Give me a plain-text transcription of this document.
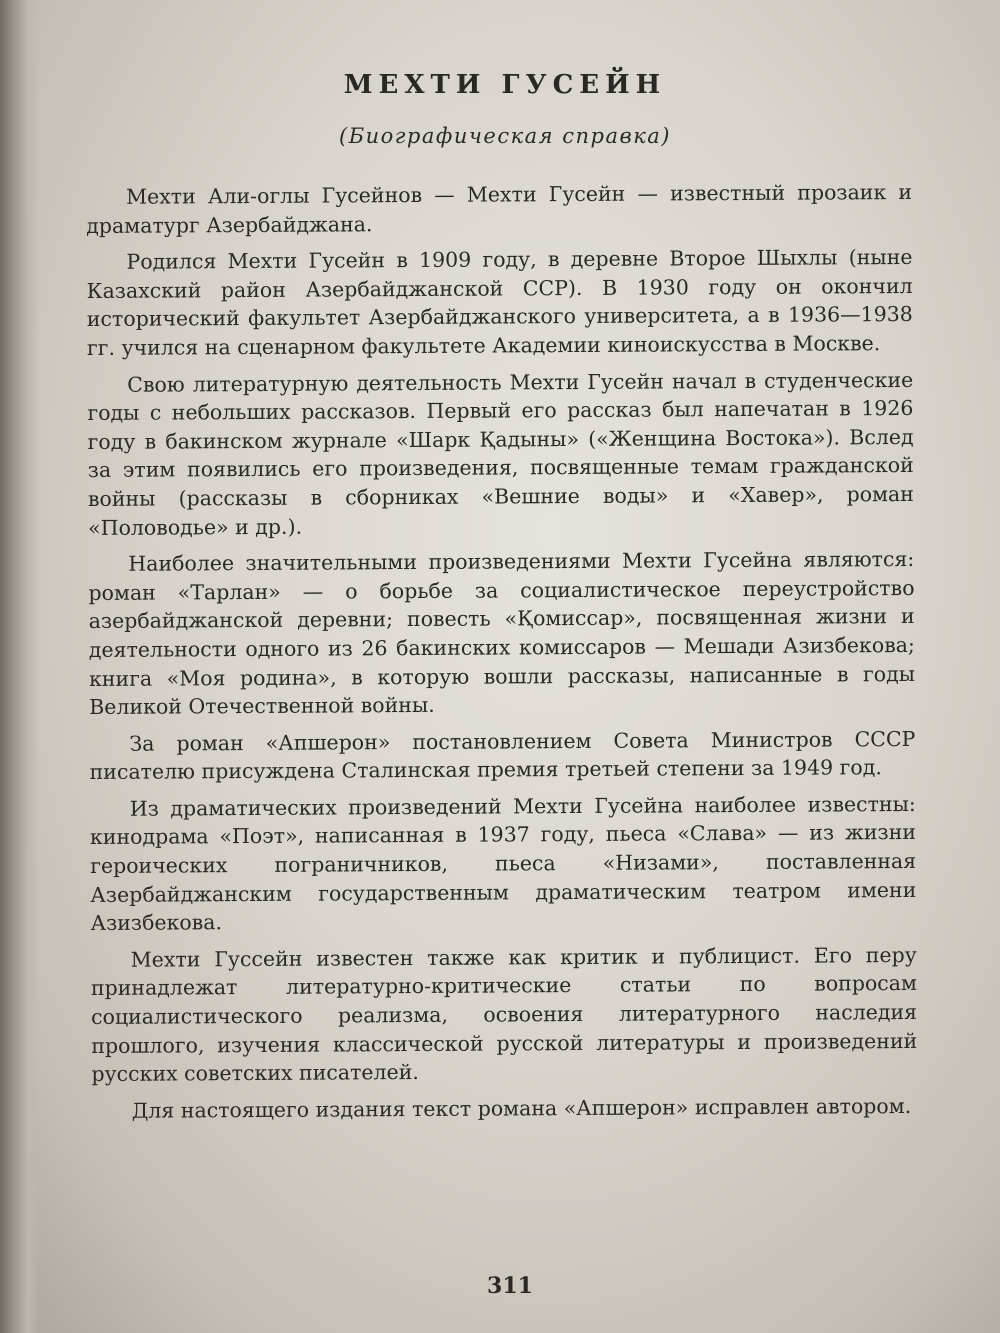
МЕХТИ ГУСЕЙН
(Биографическая справка)

Мехти Али-оглы Гусейнов — Мехти Гусейн — известный прозаик и драматург Азербайджана.

Родился Мехти Гусейн в 1909 году, в деревне Второе Шыхлы (ныне Казахский район Азербайджанской ССР). В 1930 году он окончил исторический факультет Азербайджанского университета, а в 1936—1938 гг. учился на сценарном факультете Академии киноискусства в Москве.

Свою литературную деятельность Мехти Гусейн начал в студенческие годы с небольших рассказов. Первый его рассказ был напечатан в 1926 году в бакинском журнале «Шарк Қадыны» («Женщина Востока»). Вслед за этим появились его произведения, посвященные темам гражданской войны (рассказы в сборниках «Вешние воды» и «Хавер», роман «Половодье» и др.).

Наиболее значительными произведениями Мехти Гусейна являются: роман «Тарлан» — о борьбе за социалистическое переустройство азербайджанской деревни; повесть «Қомиссар», посвященная жизни и деятельности одного из 26 бакинских комиссаров — Мешади Азизбекова; книга «Моя родина», в которую вошли рассказы, написанные в годы Великой Отечественной войны.

За роман «Апшерон» постановлением Совета Министров СССР писателю присуждена Сталинская премия третьей степени за 1949 год.

Из драматических произведений Мехти Гусейна наиболее известны: кинодрама «Поэт», написанная в 1937 году, пьеса «Слава» — из жизни героических пограничников, пьеса «Низами», поставленная Азербайджанским государственным драматическим театром имени Азизбекова.

Мехти Гуссейн известен также как критик и публицист. Его перу принадлежат литературно-критические статьи по вопросам социалистического реализма, освоения литературного наследия прошлого, изучения классической русской литературы и произведений русских советских писателей.

Для настоящего издания текст романа «Апшерон» исправлен автором.

311
